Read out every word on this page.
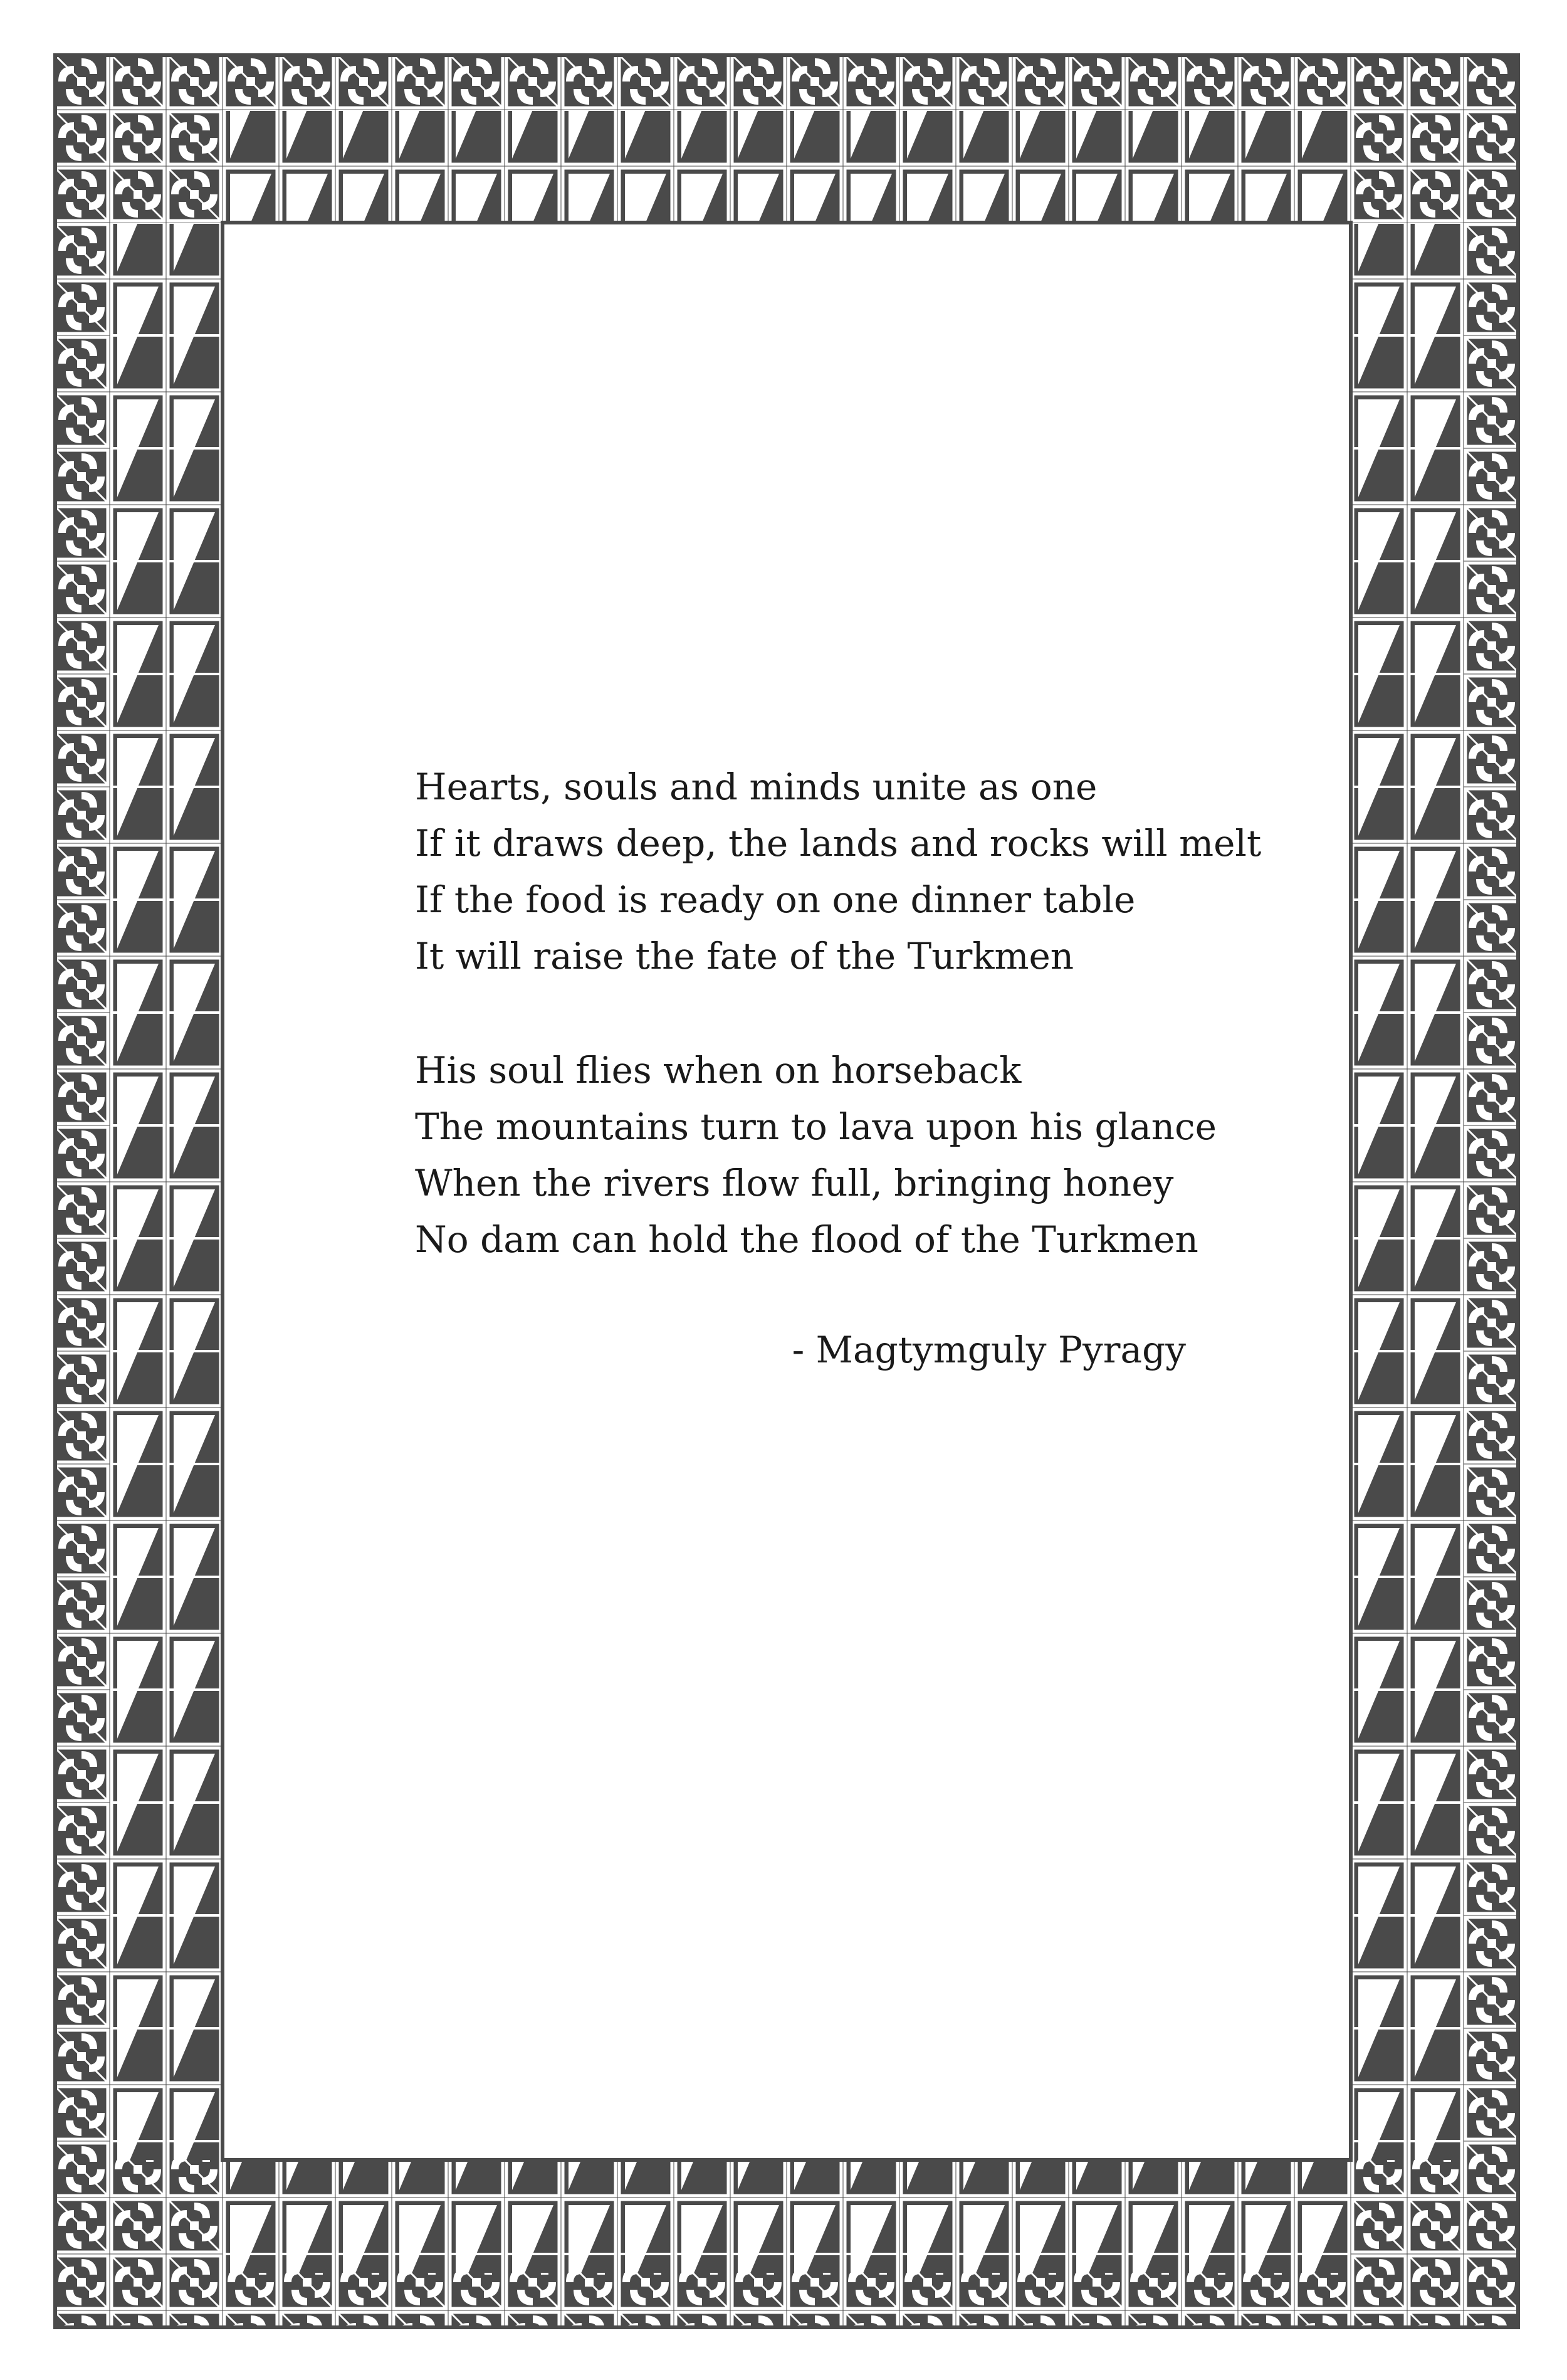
Hearts, souls and minds unite as one
If it draws deep, the lands and rocks will melt
If the food is ready on one dinner table
It will raise the fate of the Turkmen
His soul flies when on horseback
The mountains turn to lava upon his glance
When the rivers flow full, bringing honey
No dam can hold the flood of the Turkmen
- Magtymguly Pyragy
